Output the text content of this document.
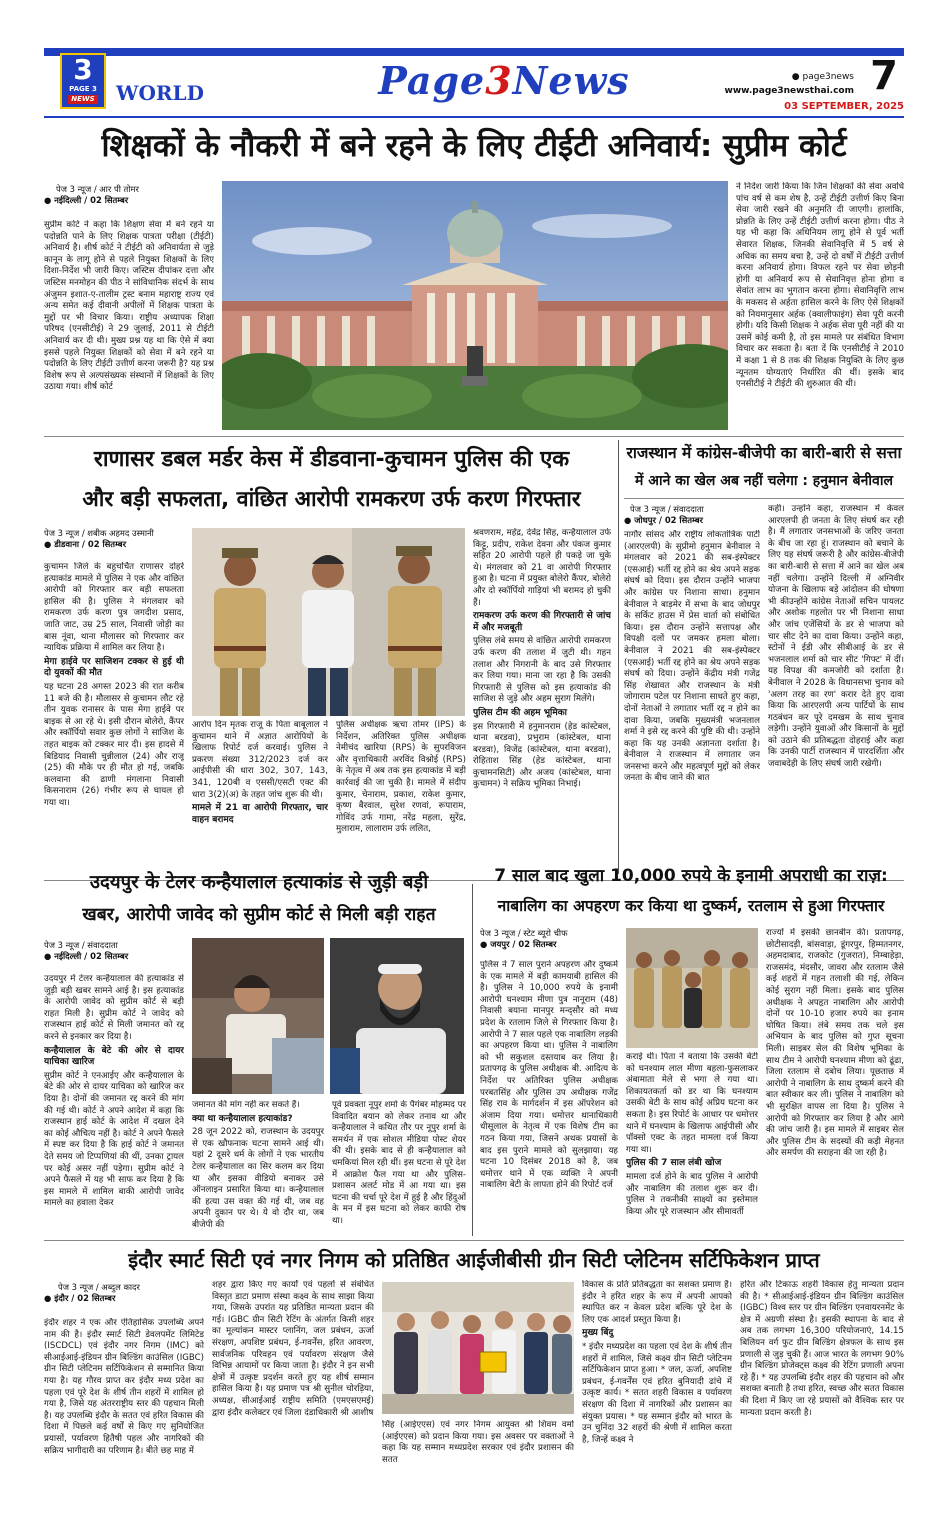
3
PAGE 3
NEWS WORLD	Page3News	● page3news
www.page3newsthai.com 7
03 SEPTEMBER, 2025
शिक्षकों के नौकरी में बने रहने के लिए टीईटी अनिवार्य: सुप्रीम कोर्ट
पेज 3 न्यूज / आर पी तोमर
● नईदिल्ली / 02 सितम्बर
सुप्रीम कोर्ट ने कहा कि शिक्षण सेवा में बने रहने या पदोन्नति पाने के लिए शिक्षक पात्रता परीक्षा (टीईटी) अनिवार्य है। शीर्ष कोर्ट ने टीईटी को अनिवार्यता से जुड़े कानून के लागू होने से पहले नियुक्त शिक्षकों के लिए दिशा-निर्देश भी जारी किए। जस्टिस दीपांकर दत्ता और जस्टिस मनमोहन की पीठ ने सांविधानिक संदर्भ के साथ अंजुमन इशात-ए-तालीम ट्रस्ट बनाम महाराष्ट्र राज्य एवं अन्य समेत कई दीवानी अपीलों में शिक्षक पात्रता के मुद्दों पर भी विचार किया। राष्ट्रीय अध्यापक शिक्षा परिषद (एनसीटीई) ने 29 जुलाई, 2011 से टीईटी अनिवार्य कर दी थी। मुख्य प्रश्न यह था कि ऐसे में क्या इससे पहले नियुक्त शिक्षकों को सेवा में बने रहने या पदोन्नति के लिए टीईटी उत्तीर्ण करना जरूरी है? यह प्रश्न विशेष रूप से अल्पसंख्यक संस्थानों में शिक्षकों के लिए उठाया गया। शीर्ष कोर्ट
ने निर्देश जारी किया कि जिन शिक्षकों की सेवा अवधि पांच वर्ष से कम शेष है, उन्हें टीईटी उत्तीर्ण किए बिना सेवा जारी रखने की अनुमति दी जाएगी। हालांकि, प्रोन्नति के लिए उन्हें टीईटी उत्तीर्ण करना होगा। पीठ ने यह भी कहा कि अधिनियम लागू होने से पूर्व भर्ती सेवारत शिक्षक, जिनकी सेवानिवृत्ति में 5 वर्ष से अधिक का समय बचा है, उन्हें दो वर्षों में टीईटी उत्तीर्ण करना अनिवार्य होगा। विफल रहने पर सेवा छोड़नी होगी या अनिवार्य रूप से सेवानिवृत्त होना होगा व सेवांत लाभ का भुगतान करना होगा। सेवानिवृत्ति लाभ के मकसद से अर्हता हासिल करने के लिए ऐसे शिक्षकों को नियमानुसार अर्हक (क्वालीफाइंग) सेवा पूरी करनी होगी। यदि किसी शिक्षक ने अर्हक सेवा पूरी नहीं की या उसमें कोई कमी है, तो इस मामले पर संबंधित विभाग विचार कर सकता है। बता दें कि एनसीटीई ने 2010 में कक्षा 1 से 8 तक की शिक्षक नियुक्ति के लिए कुछ न्यूनतम योग्यताएं निर्धारित की थीं। इसके बाद एनसीटीई ने टीईटी की शुरुआत की थी।
राणासर डबल मर्डर केस में डीडवाना-कुचामन पुलिस की एक
और बड़ी सफलता, वांछित आरोपी रामकरण उर्फ करण गिरफ्तार
पेज 3 न्यूज / शबीक अहमद उस्मानी
● डीडवाना / 02 सितम्बर

कुचामन जिले के बहुचर्चित राणासर दोहरे हत्याकांड मामले में पुलिस ने एक और वांछित आरोपी को गिरफ्तार कर बड़ी सफलता हासिल की है। पुलिस ने मंगलवार को रामकरण उर्फ करण पुत्र जगदीश प्रसाद, जाति जाट, उम्र 25 साल, निवासी जोड़ी का बास नूंवा, थाना मौलासर को गिरफ्तार कर न्यायिक प्रक्रिया में शामिल कर लिया है।

मेगा हाईवे पर साजिशन टक्कर से हुई थी दो युवकों की मौत

यह घटना 28 अगस्त 2023 की रात करीब 11 बजे की है। मौलासर से कुचामन लौट रहे तीन युवक रानासर के पास मेगा हाईवे पर बाइक से आ रहे थे। इसी दौरान बोलेरो, कैंपर और स्कॉर्पियो सवार कुछ लोगों ने साजिश के तहत बाइक को टक्कर मार दी। इस हादसे में बिडियाद निवासी चुन्नीलाल (24) और राजू (25) की मौके पर ही मौत हो गई, जबकि कलवाना की ढाणी मंगलाना निवासी किसनाराम (26) गंभीर रूप से घायल हो गया था।

आरोप दिन मृतक राजू के पिता बाबूलाल ने कुचामन थाने में अज्ञात आरोपियों के खिलाफ रिपोर्ट दर्ज करवाई। पुलिस ने प्रकरण संख्या 312/2023 दर्ज कर आईपीसी की धारा 302, 307, 143, 341, 120बी व एससी/एसटी एक्ट की धारा 3(2)(अ) के तहत जांच शुरू की थी।

मामले में 21 वा आरोपी गिरफ्तार, चार वाहन बरामद

पुलिस अधीक्षक ऋचा तोमर (IPS) के निर्देशन, अतिरिक्त पुलिस अधीक्षक नेमीचंद खारिया (RPS) के सुपरविजन और वृत्ताधिकारी अरविंद विश्नोई (RPS) के नेतृत्व में अब तक इस हत्याकांड में बड़ी कार्रवाई की जा चुकी है। मामले में संदीप कुमार, चेनाराम, प्रकाश, राकेश कुमार, कृष्ण बैरवाल, सुरेश रणवां, रूपाराम, गोविंद उर्फ गामा, नरेंद्र महला, सुरेंद्र, मुलाराम, लालाराम उर्फ ललित,

श्रवणराम, महेंद्र, देवेंद्र सिंह, कन्हैयालाल उर्फ किट्टू, प्रदीप, राकेश देवना और पंकज कुमार सहित 20 आरोपी पहले ही पकड़े जा चुके थे। मंगलवार को 21 वा आरोपी गिरफ्तार हुआ है। घटना में प्रयुक्त बोलेरो कैंपर, बोलेरो और दो स्कॉर्पियो गाड़ियां भी बरामद हो चुकी हैं।

रामकरण उर्फ करण की गिरफ्तारी से जांच में और मजबूती

पुलिस लंबे समय से वांछित आरोपी रामकरण उर्फ करण की तलाश में जुटी थी। गहन तलाश और निगरानी के बाद उसे गिरफ्तार कर लिया गया। माना जा रहा है कि उसकी गिरफ्तारी से पुलिस को इस हत्याकांड की साजिश से जुड़े और अहम सुराग मिलेंगे।

पुलिस टीम की अहम भूमिका

इस गिरफ्तारी में हनुमानराम (हेड कांस्टेबल, थाना बरडवा), प्रभुराम (कांस्टेबल, थाना बरडवा), विजेंद्र (कांस्टेबल, थाना बरडवा), रोहिताश सिंह (हेड कांस्टेबल, थाना कुचामनसिटी) और अजय (कांस्टेबल, थाना कुचामन) ने सक्रिय भूमिका निभाई।

राजस्थान में कांग्रेस-बीजेपी का बारी-बारी से सत्ता
में आने का खेल अब नहीं चलेगा : हनुमान बेनीवाल
पेज 3 न्यूज / संवाददाता
● जोधपुर / 02 सितम्बर
नागौर सांसद और राष्ट्रीय लोकतांत्रिक पार्टी (आरएलपी) के सुप्रीमो हनुमान बेनीवाल ने मंगलवार को 2021 की सब-इंस्पेक्टर (एसआई) भर्ती रद्द होने का श्रेय अपने सड़क संघर्ष को दिया। इस दौरान उन्होंने भाजपा और कांग्रेस पर निशाना साधा। हनुमान बेनीवाल ने बाड़मेर में सभा के बाद जोधपुर के सर्किट हाउस में प्रेस वार्ता को संबोधित किया। इस दौरान उन्होंने सत्तापक्ष और विपक्षी दलों पर जमकर हमला बोला। बेनीवाल ने 2021 की सब-इंस्पेक्टर (एसआई) भर्ती रद्द होने का श्रेय अपने सड़क संघर्ष को दिया। उन्होंने केंद्रीय मंत्री गजेंद्र सिंह शेखावत और राजस्थान के मंत्री जोगाराम पटेल पर निशाना साधते हुए कहा, दोनों नेताओं ने लगातार भर्ती रद्द न होने का दावा किया, जबकि मुख्यमंत्री भजनलाल शर्मा ने इसे रद्द करने की पुष्टि की थी। उन्होंने कहा कि यह उनकी अज्ञानता दर्शाता है। बेनीवाल ने राजस्थान में लगातार जन जनसभा करने और महत्वपूर्ण मुद्दों को लेकर जनता के बीच जाने की बात
कही। उन्होंने कहा, राजस्थान में केवल आरएलपी ही जनता के लिए संघर्ष कर रही है। मैं लगातार जनसभाओं के जरिए जनता के बीच जा रहा हूं। राजस्थान को बचाने के लिए यह संघर्ष जरूरी है और कांग्रेस-बीजेपी का बारी-बारी से सत्ता में आने का खेल अब नहीं चलेगा। उन्होंने दिल्ली में अग्निवीर योजना के खिलाफ बड़े आंदोलन की घोषणा भी कीउन्होंने कांग्रेस नेताओं सचिन पायलट और अशोक गहलोत पर भी निशाना साधा और जांच एजेंसियों के डर से भाजपा को चार सीट देने का दावा किया। उन्होंने कहा, स्टोनों ने ईडी और सीबीआई के डर से भजनलाल शर्मा को चार सीट 'गिफ्ट' में दीं। यह विपक्ष की कमजोरी को दर्शाता है। बेनीवाल ने 2028 के विधानसभा चुनाव को 'अलग तरह का रण' करार देते हुए दावा किया कि आरएलपी अन्य पार्टियों के साथ गठबंधन कर पूरे दमखम के साथ चुनाव लड़ेगी। उन्होंने युवाओं और किसानों के मुद्दों को उठाने की प्रतिबद्धता दोहराई और कहा कि उनकी पार्टी राजस्थान में पारदर्शिता और जवाबदेही के लिए संघर्ष जारी रखेगी।
उदयपुर के टेलर कन्हैयालाल हत्याकांड से जुड़ी बड़ी
खबर, आरोपी जावेद को सुप्रीम कोर्ट से मिली बड़ी राहत
पेज 3 न्यूज / संवाददाता
● नईदिल्ली / 02 सितम्बर

उदयपुर में टेलर कन्हैयालाल की हत्याकांड से जुड़ी बड़ी खबर सामने आई है। इस हत्याकांड के आरोपी जावेद को सुप्रीम कोर्ट से बड़ी राहत मिली है। सुप्रीम कोर्ट ने जावेद को राजस्थान हाई कोर्ट से मिली जमानत को रद्द करने से इनकार कर दिया है।

कन्हैयालाल के बेटे की ओर से दायर याचिका खारिज

सुप्रीम कोर्ट ने एनआईए और कन्हैयालाल के बेटे की ओर से दायर याचिका को खारिज कर दिया है। दोनों की जमानत रद्द करने की मांग की गई थी। कोर्ट ने अपने आदेश में कहा कि राजस्थान हाई कोर्ट के आदेश में दखल देने का कोई औचित्य नहीं है। कोर्ट ने अपने फैसले में स्पष्ट कर दिया है कि हाई कोर्ट ने जमानत देते समय जो टिप्पणियां की थीं, उनका ट्रायल पर कोई असर नहीं पड़ेगा। सुप्रीम कोर्ट ने अपने फैसले में यह भी साफ कर दिया है कि इस मामले में शामिल बाकी आरोपी जावेद मामले का हवाला देकर

जमानत की मांग नहीं कर सकते हैं।

क्या था कन्हैयालाल हत्याकांड?

28 जून 2022 को, राजस्थान के उदयपुर से एक खौफनाक घटना सामने आई थी। यहां 2 दूसरे धर्म के लोगों ने एक भारतीय टेलर कन्हैयालाल का सिर कलम कर दिया था और इसका वीडियो बनाकर उसे ऑनलाइन प्रसारित किया था। कन्हैयालाल की हत्या उस वक्त की गई थी, जब वह अपनी दुकान पर थे। ये वो दौर था, जब बीजेपी की

पूर्व प्रवक्ता नूपुर शर्मा के पैगंबर मोहम्मद पर विवादित बयान को लेकर तनाव था और कन्हैयालाल ने कथित तौर पर नूपुर शर्मा के समर्थन में एक सोशल मीडिया पोस्ट शेयर की थी। इसके बाद से ही कन्हैयालाल को धमकियां मिल रही थीं। इस घटना से पूरे देश में आक्रोश फैल गया था और पुलिस-प्रशासन अलर्ट मोड में आ गया था। इस घटना की चर्चा पूरे देश में हुई है और हिंदुओं के मन में इस घटना को लेकर काफी रोष था।
7 साल बाद खुला 10,000 रुपये के इनामी अपराधी का राज़:
नाबालिग का अपहरण कर किया था दुष्कर्म, रतलाम से हुआ गिरफ्तार
पेज 3 न्यूज / स्टेट ब्यूरो चीफ
● जयपुर / 02 सितम्बर
पुलिस ने 7 साल पुराने अपहरण और दुष्कर्म के एक मामले में बड़ी कामयाबी हासिल की है। पुलिस ने 10,000 रुपये के इनामी आरोपी घनश्याम मीणा पुत्र नानूराम (48) निवासी बयाना मानपुर मन्द्सौर को मध्य प्रदेश के रतलाम जिले से गिरफ्तार किया है। आरोपी ने 7 साल पहले एक नाबालिग लड़की का अपहरण किया था। पुलिस ने नाबालिग को भी सकुशल दस्तयाब कर लिया है। प्रतापगढ़ के पुलिस अधीक्षक बी. आदित्य के निर्देश पर अतिरिक्त पुलिस अधीक्षक परबतसिंह और पुलिस उप अधीक्षक गजेंद्र सिंह राव के मार्गदर्शन में इस ऑपरेशन को अंजाम दिया गया। धमोत्तर थानाधिकारी धीसूलाल के नेतृत्व में एक विशेष टीम का गठन किया गया, जिसने अथक प्रयासों के बाद इस पुराने मामले को सुलझाया। यह घटना 10 दिसंबर 2018 को है, जब धमोत्तर थाने में एक व्यक्ति ने अपनी नाबालिग बेटी के लापता होने की रिपोर्ट दर्ज

कराई थी। पिता ने बताया कि उसकी बेटी को घनश्याम लाल मीणा बहला-फुसलाकर अंबामाता मेले से भगा ले गया था। शिकायतकर्ता को डर था कि घनश्याम उसकी बेटी के साथ कोई अप्रिय घटना कर सकता है। इस रिपोर्ट के आधार पर धमोत्तर थाने में घनश्याम के खिलाफ आईपीसी और पॉक्सो एक्ट के तहत मामला दर्ज किया गया था।

पुलिस की 7 साल लंबी खोज

मामला दर्ज होने के बाद पुलिस ने आरोपी और नाबालिग की तलाश शुरू कर दी। पुलिस ने तकनीकी साक्ष्यों का इस्तेमाल किया और पूरे राजस्थान और सीमावर्ती

राज्यों में इसकी छानबीन की। प्रतापगढ़, छोटीसादड़ी, बांसवाड़ा, डूंगरपुर, हिम्मतनगर, अहमदाबाद, राजकोट (गुजरात), निम्बाहेड़ा, राजसमंद, मंदसौर, जावरा और रतलाम जैसे कई शहरों में गहन तलाशी की गई, लेकिन कोई सुराग नहीं मिला। इसके बाद पुलिस अधीक्षक ने अपहृत नाबालिग और आरोपी दोनों पर 10-10 हजार रुपये का इनाम घोषित किया। लंबे समय तक चले इस अभियान के बाद पुलिस को गुप्त सूचना मिली। साइबर सेल की विशेष भूमिका के साथ टीम ने आरोपी घनश्याम मीणा को ढूंढा, जिला रतलाम से दबोच लिया। पूछताछ में आरोपी ने नाबालिग के साथ दुष्कर्म करने की बात स्वीकार कर ली। पुलिस ने नाबालिग को भी सुरक्षित वापस ला दिया है। पुलिस ने आरोपी को गिरफ्तार कर लिया है और आगे की जांच जारी है। इस मामले में साइबर सेल और पुलिस टीम के सदस्यों की कड़ी मेहनत और समर्पण की सराहना की जा रही है।
इंदौर स्मार्ट सिटी एवं नगर निगम को प्रतिष्ठित आईजीबीसी ग्रीन सिटी प्लेटिनम सर्टिफिकेशन प्राप्त
पेज 3 न्यूज / अब्दुल कादर
● इंदौर / 02 सितम्बर
इंदौर शहर ने एक और ऐतिहासिक उपलब्धि अपने नाम की है। इंदौर स्मार्ट सिटी डेवलपमेंट लिमिटेड (ISCDCL) एवं इंदौर नगर निगम (IMC) को सीआईआई-इंडियन ग्रीन बिल्डिंग काउंसिल (IGBC) ग्रीन सिटी प्लेटिनम सर्टिफिकेशन से सम्मानित किया गया है। यह गौरव प्राप्त कर इंदौर मध्य प्रदेश का पहला एवं पूरे देश के शीर्ष तीन शहरों में शामिल हो गया है, जिसे यह अंतरराष्ट्रीय स्तर की पहचान मिली है। यह उपलब्धि इंदौर के सतत एवं हरित विकास की दिशा में पिछले कई वर्षों से किए गए सुनियोजित प्रयासों, पर्यावरण हितैषी पहल और नागरिकों की सक्रिय भागीदारी का परिणाम है। बीते छह माह में
शहर द्वारा किए गए कार्यों एवं पहलों से संबंधित विस्तृत डाटा प्रमाण संस्था कक्ष्व के साथ साझा किया गया, जिसके उपरांत यह प्रतिष्ठित मान्यता प्रदान की गई। IGBC ग्रीन सिटी रेटिंग के अंतर्गत किसी शहर का मूल्यांकन मास्टर प्लानिंग, जल प्रबंधन, ऊर्जा संरक्षण, अपशिष्ट प्रबंधन, ई-गवर्नेंस, हरित आवरण, सार्वजनिक परिवहन एवं पर्यावरण संरक्षण जैसे विभिन्न आयामों पर किया जाता है। इंदौर ने इन सभी क्षेत्रों में उत्कृष्ट प्रदर्शन करते हुए यह शीर्ष सम्मान हासिल किया है। यह प्रमाण पत्र श्री सुनील चोरड़िया, अध्यक्ष, सीआईआई राष्ट्रीय समिति (एमएसएमई) द्वारा इंदौर कलेक्टर एवं जिला दंडाधिकारी श्री आशीष
सिंह (आईएएस) एवं नगर निगम आयुक्त श्री शिवम वर्मा (आईएएस) को प्रदान किया गया। इस अवसर पर वक्ताओं ने कहा कि यह सम्मान मध्यप्रदेश सरकार एवं इंदौर प्रशासन की सतत

विकास के प्रति प्रतिबद्धता का सशक्त प्रमाण है। इंदौर ने हरित शहर के रूप में अपनी आपको स्थापित कर न केवल प्रदेश बल्कि पूरे देश के लिए एक आदर्श प्रस्तुत किया है।

मुख्य बिंदु

* इंदौर मध्यप्रदेश का पहला एवं देश के शीर्ष तीन शहरों में शामिल, जिसे कक्ष्व ग्रीन सिटी प्लेटिनम सर्टिफिकेशन प्राप्त हुआ। * जल, ऊर्जा, अपशिष्ट प्रबंधन, ई-गवर्नेंस एवं हरित बुनियादी ढांचे में उत्कृष्ट कार्य। * सतत शहरी विकास व पर्यावरण संरक्षण की दिशा में नागरिकों और प्रशासन का संयुक्त प्रयास। * यह सम्मान इंदौर को भारत के उन चुनिंदा 32 शहरों की श्रेणी में शामिल करता है, जिन्हें कक्ष्व ने

हरित और टिकाऊ शहरी विकास हेतु मान्यता प्रदान की है। * सीआईआई-इंडियन ग्रीन बिल्डिंग काउंसिल (IGBC) विश्व स्तर पर ग्रीन बिल्डिंग एनवायरनमेंट के क्षेत्र में अग्रणी संस्था है। इसकी स्थापना के बाद से अब तक लगभग 16,300 परियोजनाएं, 14.15 बिलियन वर्ग फुट ग्रीन बिल्डिंग क्षेत्रफल के साथ इस प्रणाली से जुड़ चुकी हैं। आज भारत के लगभग 90% ग्रीन बिल्डिंग प्रोजेक्ट्स कक्ष्व की रेटिंग प्रणाली अपना रहे हैं। * यह उपलब्धि इंदौर शहर की पहचान को और सशक्त बनाती है तथा हरित, स्वच्छ और सतत विकास की दिशा में किए जा रहे प्रयासों को वैश्विक स्तर पर मान्यता प्रदान करती है।
